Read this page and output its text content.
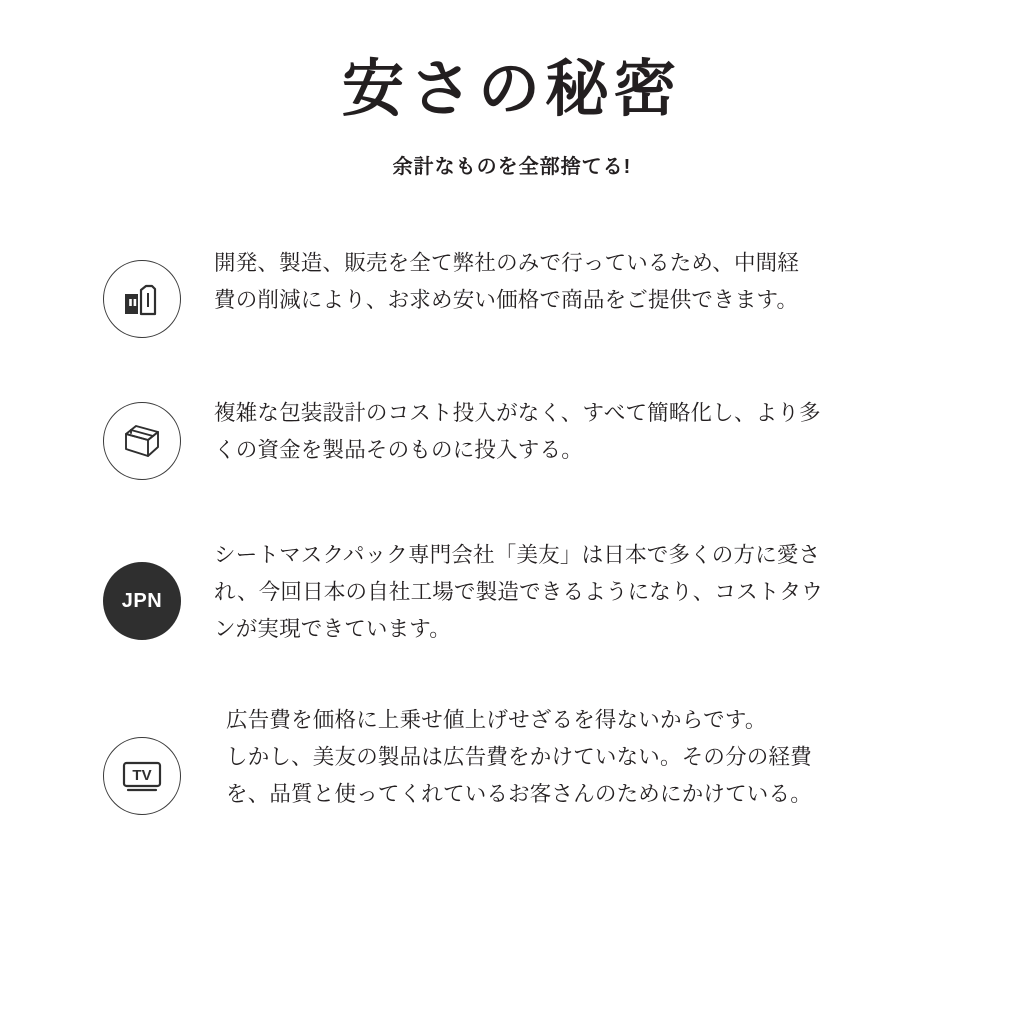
安さの秘密

余計なものを全部捨てる!

開発、製造、販売を全て弊社のみで行っているため、中間経
費の削減により、お求め安い価格で商品をご提供できます。
複雑な包装設計のコスト投入がなく、すべて簡略化し、より多
くの資金を製品そのものに投入する。
JPN
シートマスクパック専門会社「美友」は日本で多くの方に愛さ
れ、今回日本の自社工場で製造できるようになり、コストタウ
ンが実現できています。
TV
広告費を価格に上乗せ値上げせざるを得ないからです。
しかし、美友の製品は広告費をかけていない。その分の経費
を、品質と使ってくれているお客さんのためにかけている。
